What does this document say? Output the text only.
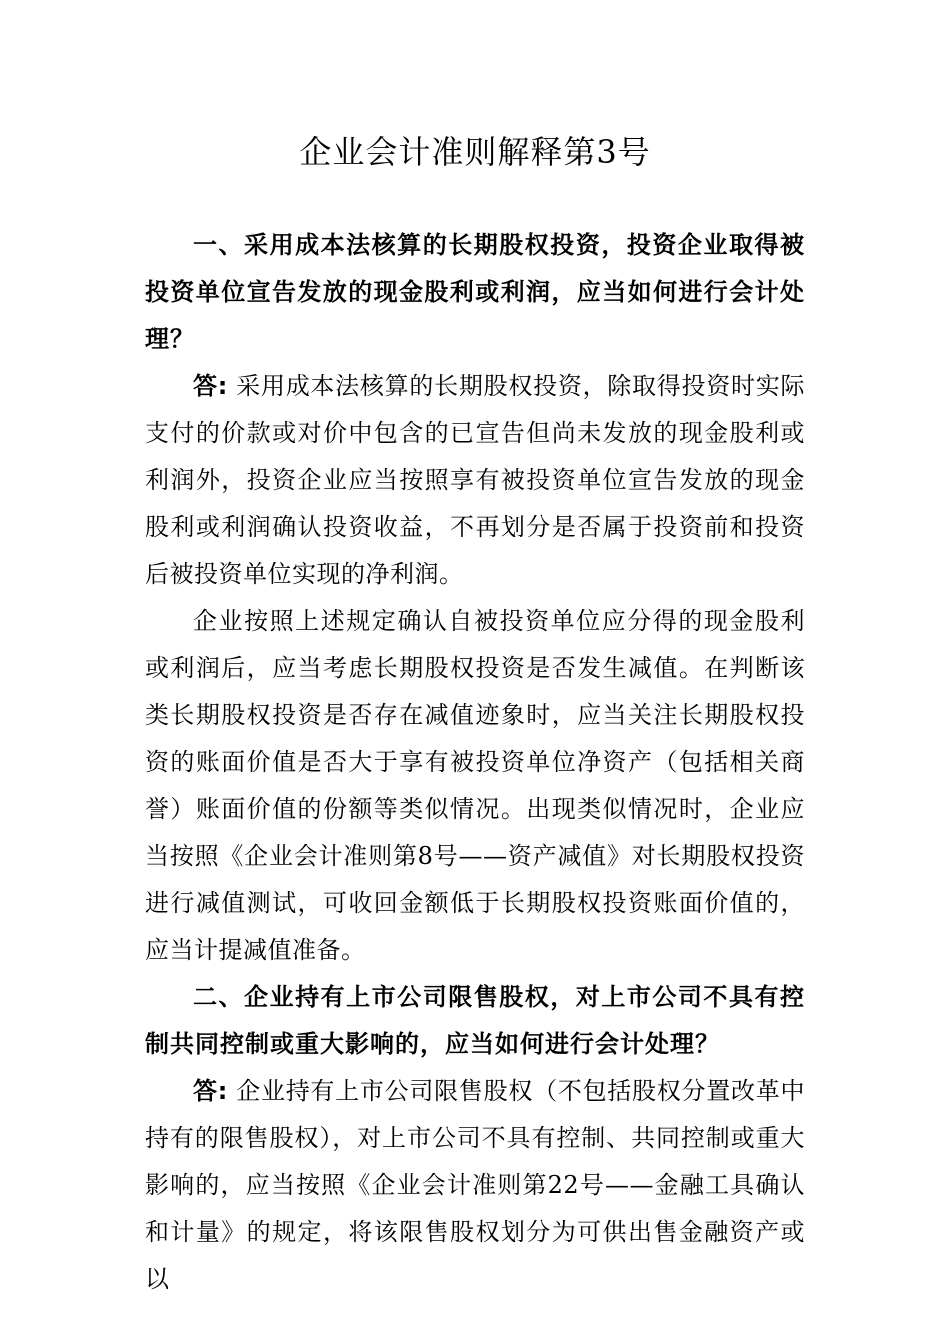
企业会计准则解释第3号

一、采用成本法核算的长期股权投资，投资企业取得被投资单位宣告发放的现金股利或利润，应当如何进行会计处理？

答: 采用成本法核算的长期股权投资，除取得投资时实际支付的价款或对价中包含的已宣告但尚未发放的现金股利或利润外，投资企业应当按照享有被投资单位宣告发放的现金股利或利润确认投资收益，不再划分是否属于投资前和投资后被投资单位实现的净利润。

企业按照上述规定确认自被投资单位应分得的现金股利或利润后，应当考虑长期股权投资是否发生减值。在判断该类长期股权投资是否存在减值迹象时，应当关注长期股权投资的账面价值是否大于享有被投资单位净资产（包括相关商誉）账面价值的份额等类似情况。出现类似情况时，企业应当按照《企业会计准则第8号——资产减值》对长期股权投资进行减值测试，可收回金额低于长期股权投资账面价值的，应当计提减值准备。

二、企业持有上市公司限售股权，对上市公司不具有控制共同控制或重大影响的，应当如何进行会计处理？

答: 企业持有上市公司限售股权（不包括股权分置改革中持有的限售股权），对上市公司不具有控制、共同控制或重大影响的，应当按照《企业会计准则第22号——金融工具确认和计量》的规定，将该限售股权划分为可供出售金融资产或以
